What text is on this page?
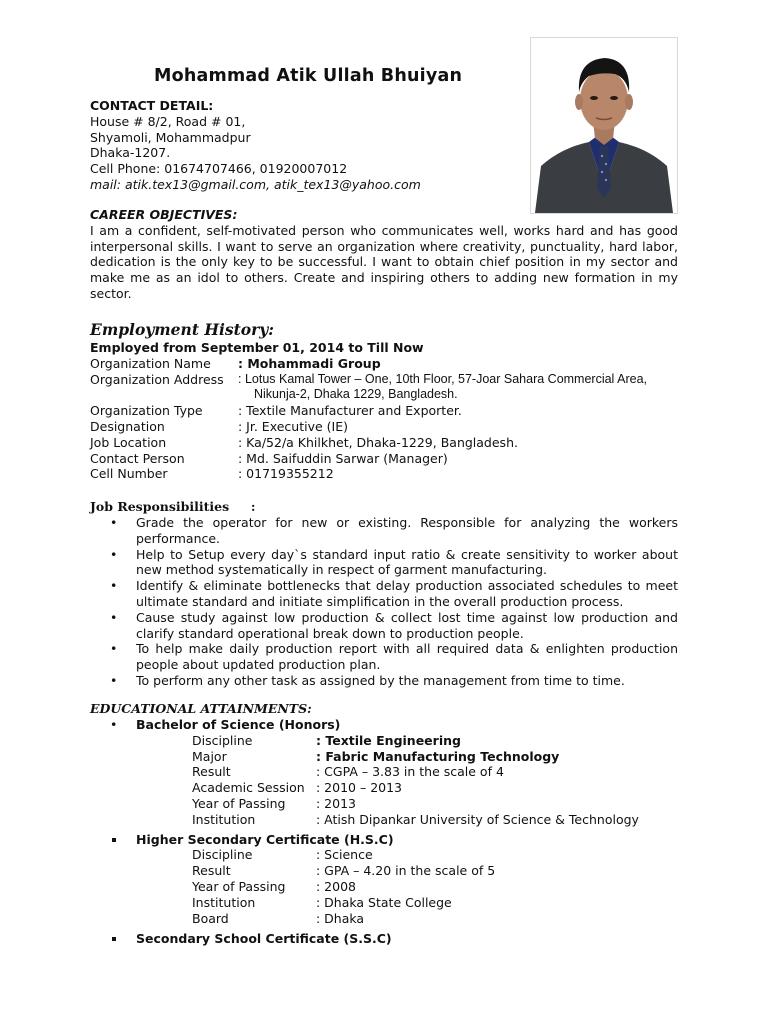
Mohammad Atik Ullah Bhuiyan
CONTACT DETAIL:
House # 8/2, Road # 01,
Shyamoli, Mohammadpur
Dhaka-1207.
Cell Phone: 01674707466, 01920007012
mail: atik.tex13@gmail.com, atik_tex13@yahoo.com
CAREER OBJECTIVES:
I am a confident, self-motivated person who communicates well, works hard and has good interpersonal skills. I want to serve an organization where creativity, punctuality, hard labor, dedication is the only key to be successful. I want to obtain chief position in my sector and make me as an idol to others. Create and inspiring others to adding new formation in my sector.
Employment History:
Employed from September 01, 2014 to Till Now
Organization Name : Mohammadi Group
Organization Address : Lotus Kamal Tower – One, 10th Floor, 57-Joar Sahara Commercial Area,
Nikunja-2, Dhaka 1229, Bangladesh.
Organization Type	: Textile Manufacturer and Exporter.
Designation	: Jr. Executive (IE)
Job Location	: Ka/52/a Khilkhet, Dhaka-1229, Bangladesh.
Contact Person	: Md. Saifuddin Sarwar (Manager)
Cell Number	: 01719355212
Job Responsibilities     :
• Grade the operator for new or existing. Responsible for analyzing the workers performance.
• Help to Setup every day`s standard input ratio & create sensitivity to worker about new method systematically in respect of garment manufacturing.
• Identify & eliminate bottlenecks that delay production associated schedules to meet ultimate standard and initiate simplification in the overall production process.
• Cause study against low production & collect lost time against low production and clarify standard operational break down to production people.
• To help make daily production report with all required data & enlighten production people about updated production plan.
• To perform any other task as assigned by the management from time to time.
EDUCATIONAL ATTAINMENTS:
• Bachelor of Science (Honors)
Discipline	: Textile Engineering
Major	: Fabric Manufacturing Technology
Result	: CGPA – 3.83 in the scale of 4
Academic Session : 2010 – 2013
Year of Passing : 2013
Institution	: Atish Dipankar University of Science & Technology
Higher Secondary Certificate (H.S.C)
Discipline	: Science
Result	: GPA – 4.20 in the scale of 5
Year of Passing : 2008
Institution	: Dhaka State College
Board	: Dhaka
Secondary School Certificate (S.S.C)
